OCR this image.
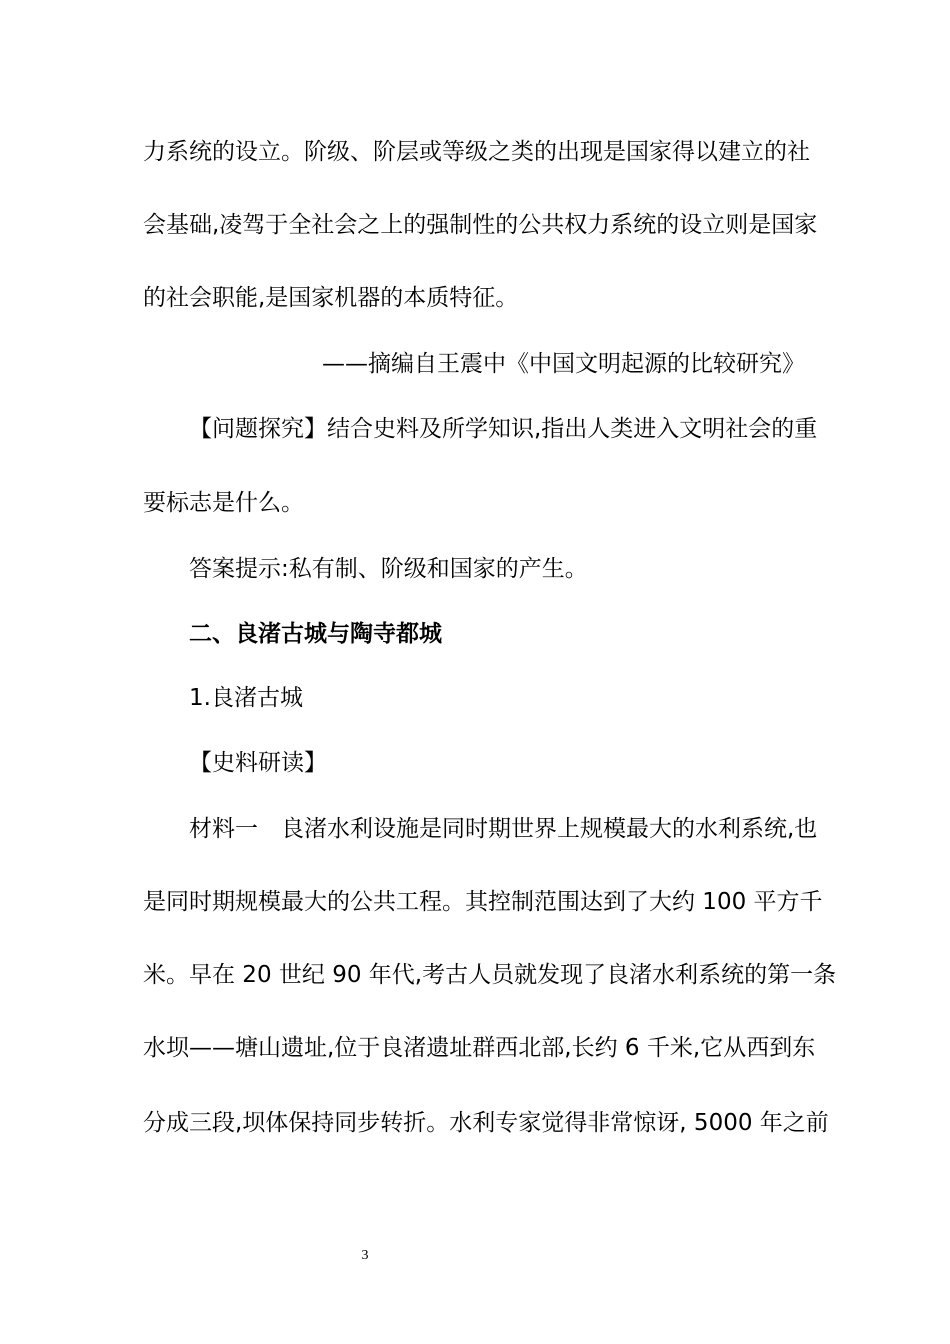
力系统的设立。阶级、阶层或等级之类的出现是国家得以建立的社

会基础,凌驾于全社会之上的强制性的公共权力系统的设立则是国家

的社会职能,是国家机器的本质特征。

——摘编自王震中《中国文明起源的比较研究》

【问题探究】结合史料及所学知识,指出人类进入文明社会的重

要标志是什么。

答案提示:私有制、阶级和国家的产生。

二、良渚古城与陶寺都城

1.良渚古城

【史料研读】

材料一　良渚水利设施是同时期世界上规模最大的水利系统,也

是同时期规模最大的公共工程。其控制范围达到了大约 100 平方千

米。早在 20 世纪 90 年代,考古人员就发现了良渚水利系统的第一条

水坝——塘山遗址,位于良渚遗址群西北部,长约 6 千米,它从西到东

分成三段,坝体保持同步转折。水利专家觉得非常惊讶, 5000 年之前

3
